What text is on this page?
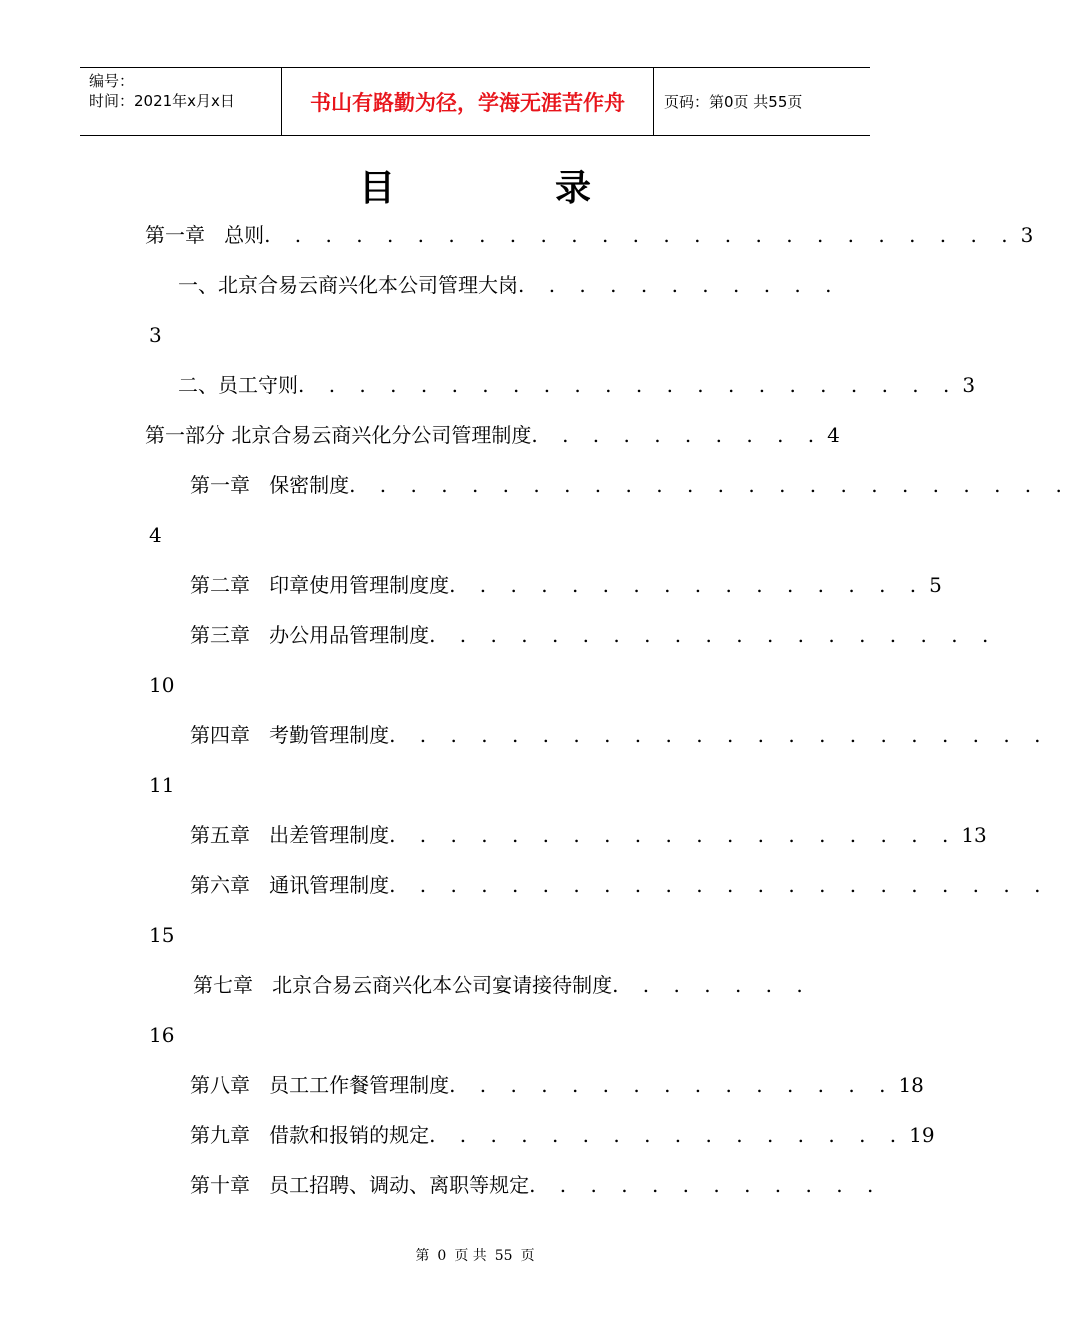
编号：
时间：2021年x月x日	书山有路勤为径，学海无涯苦作舟	页码：第0页 共55页
目录
第一章   总则 . . . . . . . . . . . . . . . . . . . . . . . . . 3
一、北京合易云商兴化本公司管理大岗 . . . . . . . . . . .
3
二、员工守则 . . . . . . . . . . . . . . . . . . . . . . 3
第一部分 北京合易云商兴化分公司管理制度 . . . . . . . . . . 4
第一章   保密制度 . . . . . . . . . . . . . . . . . . . . . . . .
4
第二章   印章使用管理制度度 . . . . . . . . . . . . . . . . 5
第三章   办公用品管理制度 . . . . . . . . . . . . . . . . . . .
10
第四章   考勤管理制度 . . . . . . . . . . . . . . . . . . . . . .
11
第五章   出差管理制度 . . . . . . . . . . . . . . . . . . . 13
第六章   通讯管理制度 . . . . . . . . . . . . . . . . . . . . . .
15
第七章   北京合易云商兴化本公司宴请接待制度 . . . . . . .
16
第八章   员工工作餐管理制度 . . . . . . . . . . . . . . . 18
第九章   借款和报销的规定 . . . . . . . . . . . . . . . . 19
第十章   员工招聘、调动、离职等规定 . . . . . . . . . . . .
第 0 页 共 55 页
